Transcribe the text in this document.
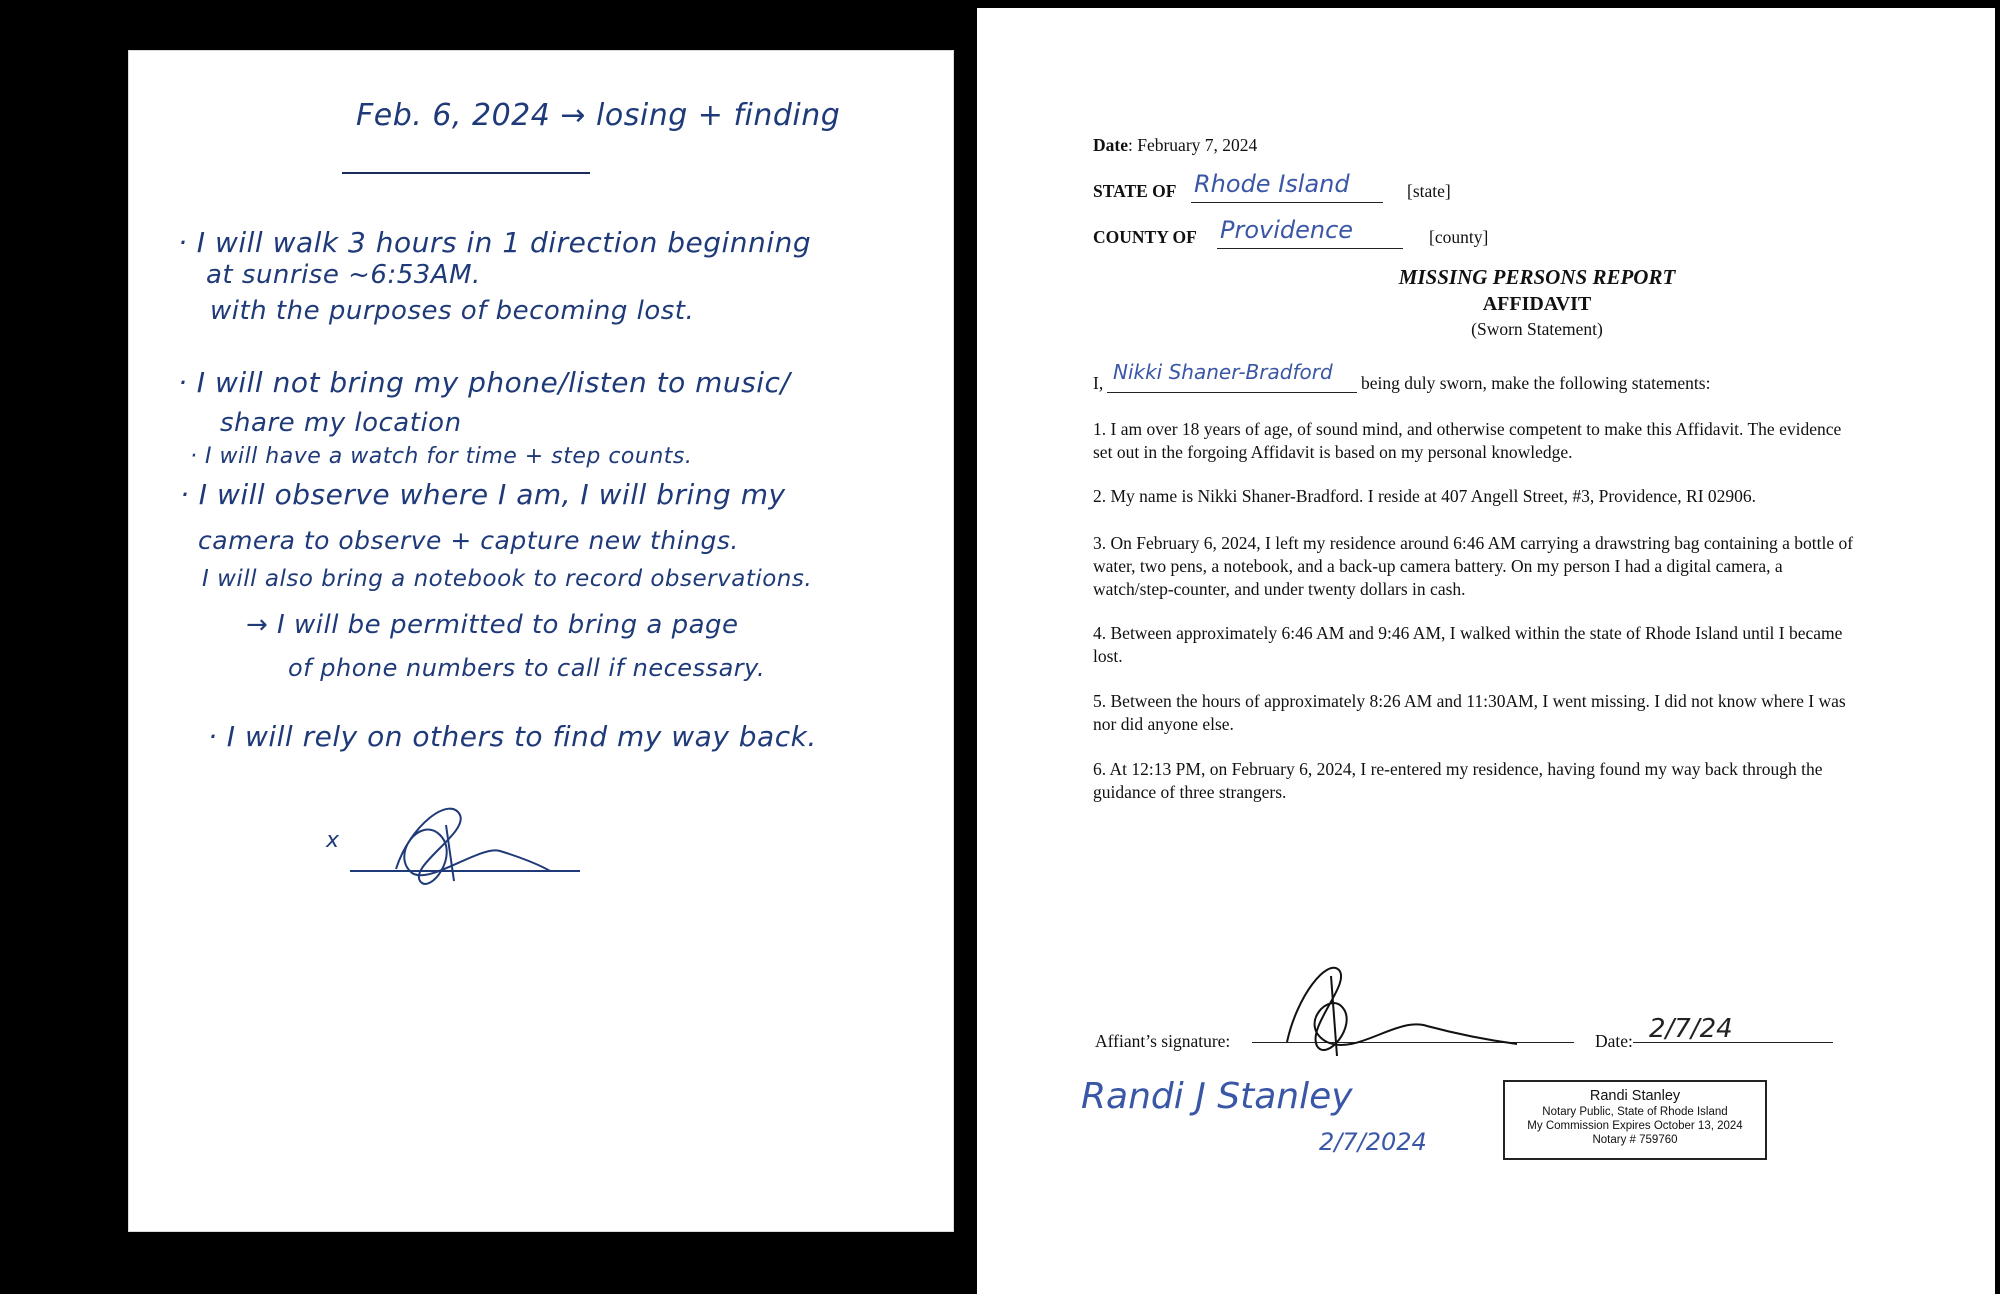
Feb. 6, 2024 → losing + finding
· I will walk 3 hours in 1 direction beginning
at sunrise ~6:53AM.
with the purposes of becoming lost.
· I will not bring my phone/listen to music/
share my location
· I will have a watch for time + step counts.
· I will observe where I am, I will bring my
camera to observe + capture new things.
I will also bring a notebook to record observations.
→ I will be permitted to bring a page
of phone numbers to call if necessary.
· I will rely on others to find my way back.
x
Date: February 7, 2024
STATE OF Rhode Island	[state]
COUNTY OF Providence	[county]
MISSING PERSONS REPORT
AFFIDAVIT
(Sworn Statement)
I, Nikki Shaner-Bradford being duly sworn, make the following statements:
1. I am over 18 years of age, of sound mind, and otherwise competent to make this Affidavit. The evidence set out in the forgoing Affidavit is based on my personal knowledge.
2. My name is Nikki Shaner-Bradford. I reside at 407 Angell Street, #3, Providence, RI 02906.
3. On February 6, 2024, I left my residence around 6:46 AM carrying a drawstring bag containing a bottle of water, two pens, a notebook, and a back-up camera battery. On my person I had a digital camera, a watch/step-counter, and under twenty dollars in cash.
4. Between approximately 6:46 AM and 9:46 AM, I walked within the state of Rhode Island until I became lost.
5. Between the hours of approximately 8:26 AM and 11:30AM, I went missing. I did not know where I was nor did anyone else.
6. At 12:13 PM, on February 6, 2024, I re-entered my residence, having found my way back through the guidance of three strangers.
Affiant’s signature:	Date: 2/7/24
Randi J Stanley
2/7/2024
Randi Stanley
Notary Public, State of Rhode Island
My Commission Expires October 13, 2024
Notary # 759760
